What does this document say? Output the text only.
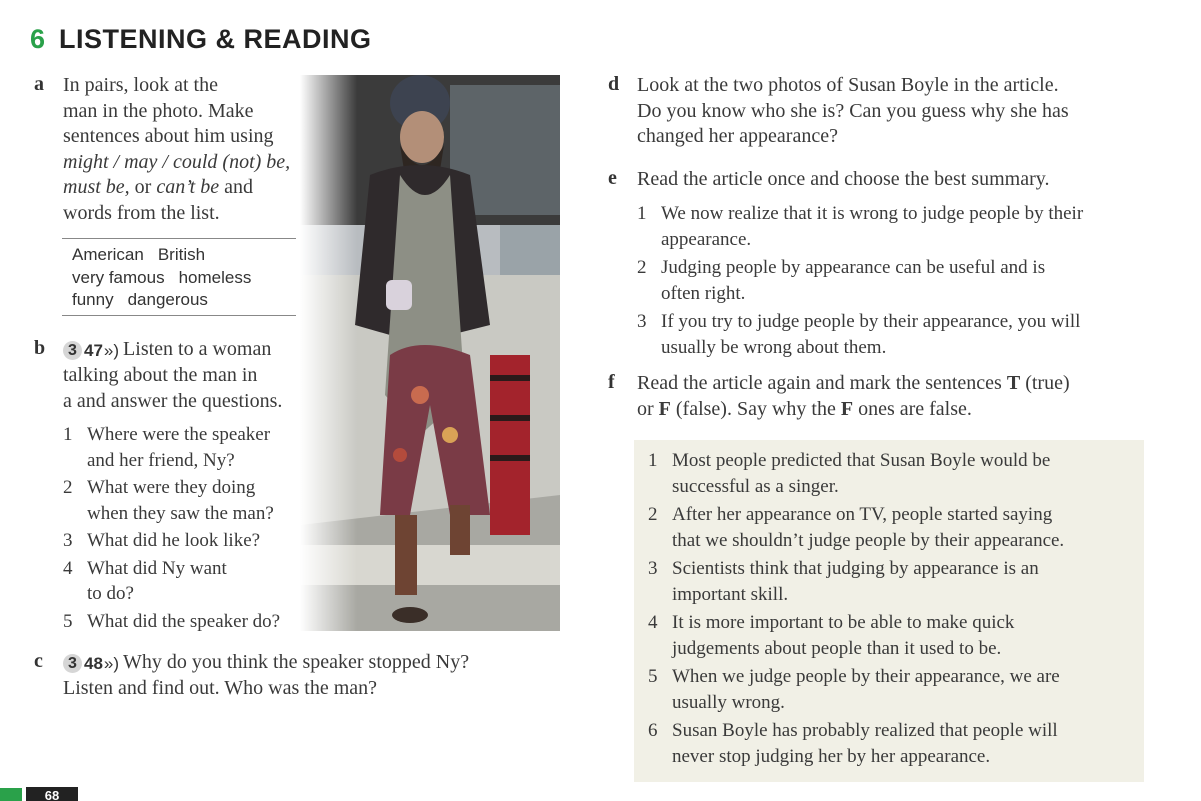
6 LISTENING & READING
a In pairs, look at the
man in the photo. Make
sentences about him using
might / may / could (not) be,
must be, or can’t be and
words from the list.
American British
very famous homeless
funny dangerous
b	3 47 ») Listen to a woman
talking about the man in
a and answer the questions.
1 Where were the speaker
and her friend, Ny?
2 What were they doing
when they saw the man?
3 What did he look like?
4 What did Ny want
to do?
5 What did the speaker do?
c	3 48 ») Why do you think the speaker stopped Ny?
Listen and find out. Who was the man?
d Look at the two photos of Susan Boyle in the article.
Do you know who she is? Can you guess why she has
changed her appearance?
e Read the article once and choose the best summary.
1 We now realize that it is wrong to judge people by their
appearance.
2 Judging people by appearance can be useful and is
often right.
3 If you try to judge people by their appearance, you will
usually be wrong about them.
f Read the article again and mark the sentences T (true)
or F (false). Say why the F ones are false.
1 Most people predicted that Susan Boyle would be
successful as a singer.
2 After her appearance on TV, people started saying
that we shouldn’t judge people by their appearance.
3 Scientists think that judging by appearance is an
important skill.
4 It is more important to be able to make quick
judgements about people than it used to be.
5 When we judge people by their appearance, we are
usually wrong.
6 Susan Boyle has probably realized that people will
never stop judging her by her appearance.
68
